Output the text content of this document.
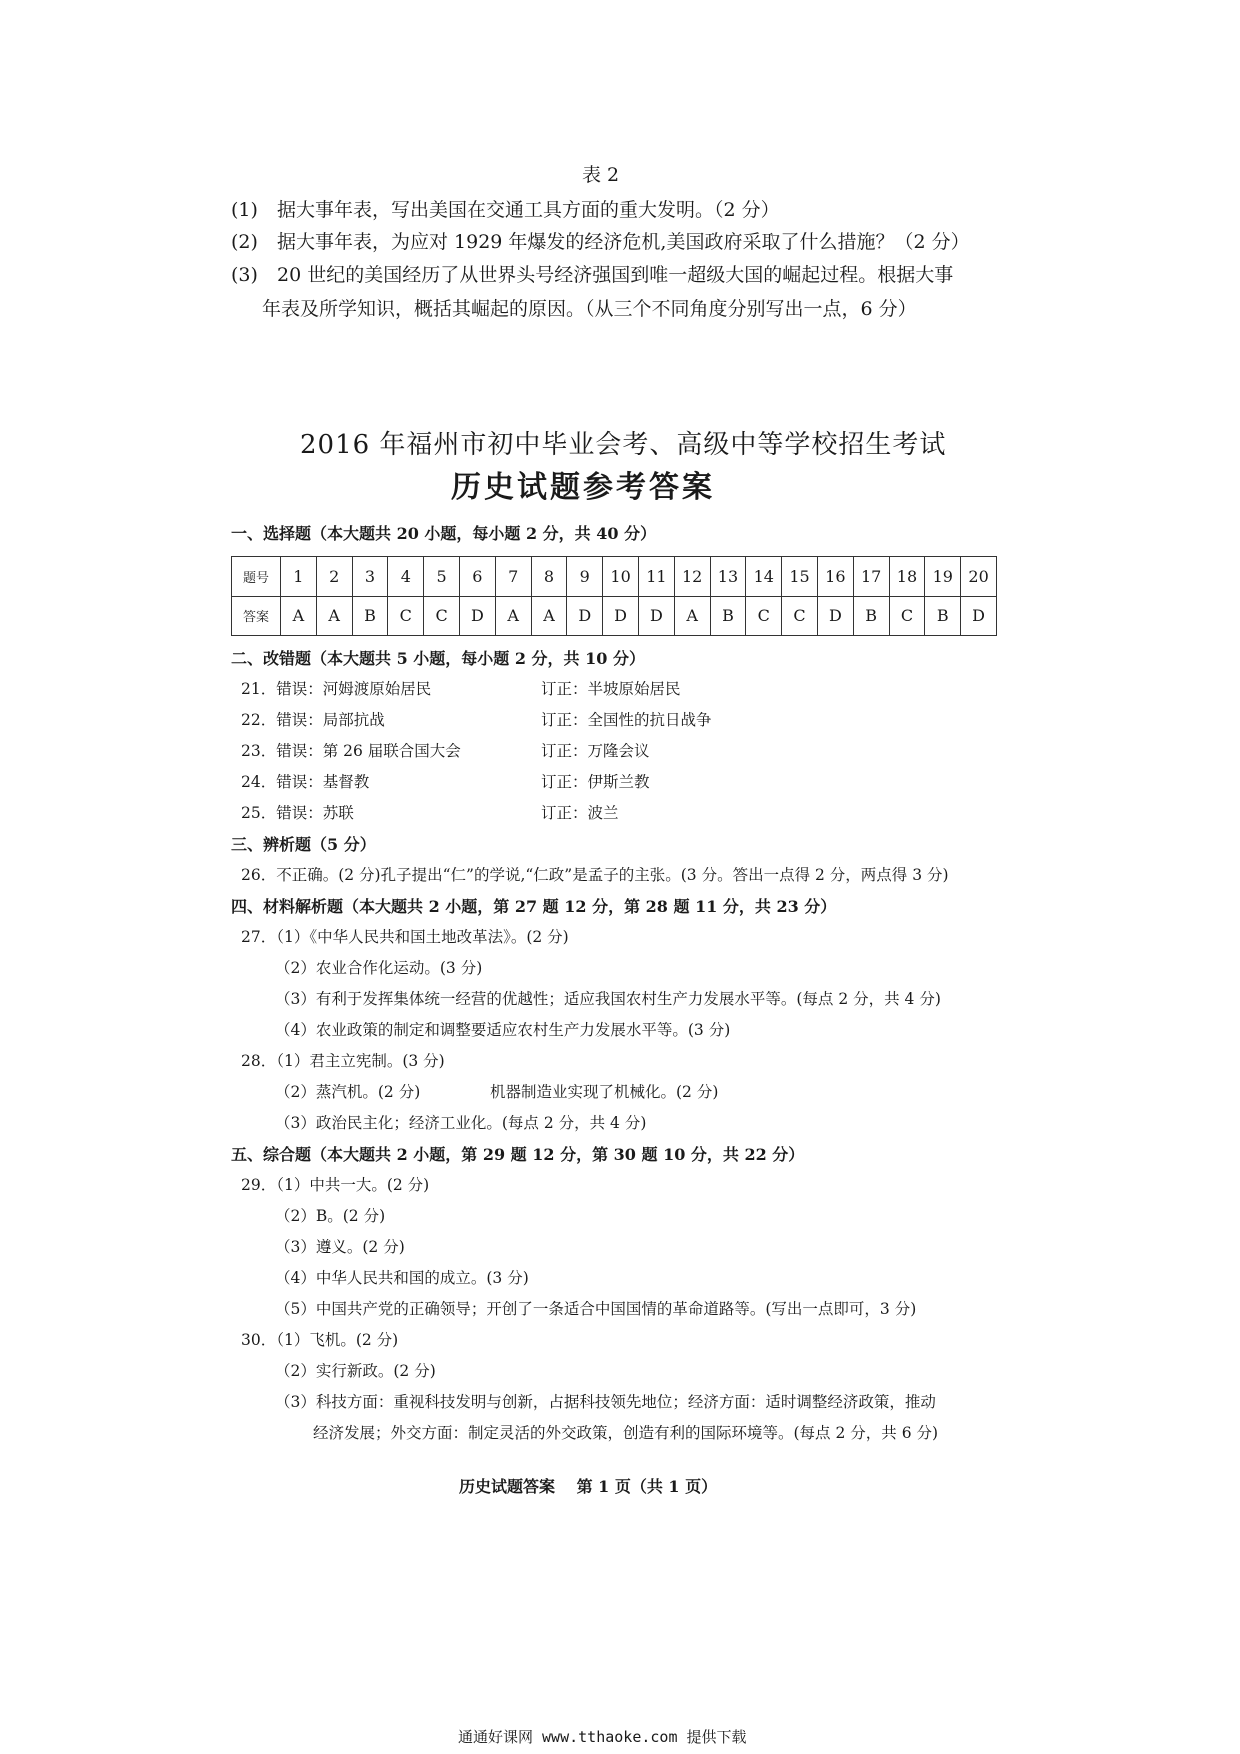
表 2
(1) 据大事年表，写出美国在交通工具方面的重大发明。（2 分）
(2) 据大事年表，为应对 1929 年爆发的经济危机,美国政府采取了什么措施？（2 分）
(3) 20 世纪的美国经历了从世界头号经济强国到唯一超级大国的崛起过程。根据大事
年表及所学知识，概括其崛起的原因。（从三个不同角度分别写出一点，6 分）
2016 年福州市初中毕业会考、高级中等学校招生考试
历史试题参考答案
一、选择题（本大题共 20 小题，每小题 2 分，共 40 分）
题号	1	2	3	4	5	6	7	8	9	10	11	12	13	14	15	16	17	18	19	20
答案	A	A	B	C	C	D	A	A	D	D	D	A	B	C	C	D	B	C	B	D
二、改错题（本大题共 5 小题，每小题 2 分，共 10 分）
21．错误：河姆渡原始居民	订正：半坡原始居民
22．错误：局部抗战	订正：全国性的抗日战争
23．错误：第 26 届联合国大会	订正：万隆会议
24．错误：基督教	订正：伊斯兰教
25．错误：苏联	订正：波兰
三、辨析题（5 分）
26．不正确。(2 分)孔子提出“仁”的学说,“仁政”是孟子的主张。(3 分。答出一点得 2 分，两点得 3 分)
四、材料解析题（本大题共 2 小题，第 27 题 12 分，第 28 题 11 分，共 23 分）
27．（1）《中华人民共和国土地改革法》。(2 分)
（2）农业合作化运动。(3 分)
（3）有利于发挥集体统一经营的优越性；适应我国农村生产力发展水平等。(每点 2 分，共 4 分)
（4）农业政策的制定和调整要适应农村生产力发展水平等。(3 分)
28．（1）君主立宪制。(3 分)
（2）蒸汽机。(2 分)	机器制造业实现了机械化。(2 分)
（3）政治民主化；经济工业化。(每点 2 分，共 4 分)
五、综合题（本大题共 2 小题，第 29 题 12 分，第 30 题 10 分，共 22 分）
29．（1）中共一大。(2 分)
（2）B。(2 分)
（3）遵义。(2 分)
（4）中华人民共和国的成立。(3 分)
（5）中国共产党的正确领导；开创了一条适合中国国情的革命道路等。(写出一点即可，3 分)
30．（1）飞机。(2 分)
（2）实行新政。(2 分)
（3）科技方面：重视科技发明与创新，占据科技领先地位；经济方面：适时调整经济政策，推动
经济发展；外交方面：制定灵活的外交政策，创造有利的国际环境等。(每点 2 分，共 6 分)
历史试题答案　 第 1 页（共 1 页）
通通好课网 www.tthaoke.com 提供下载
